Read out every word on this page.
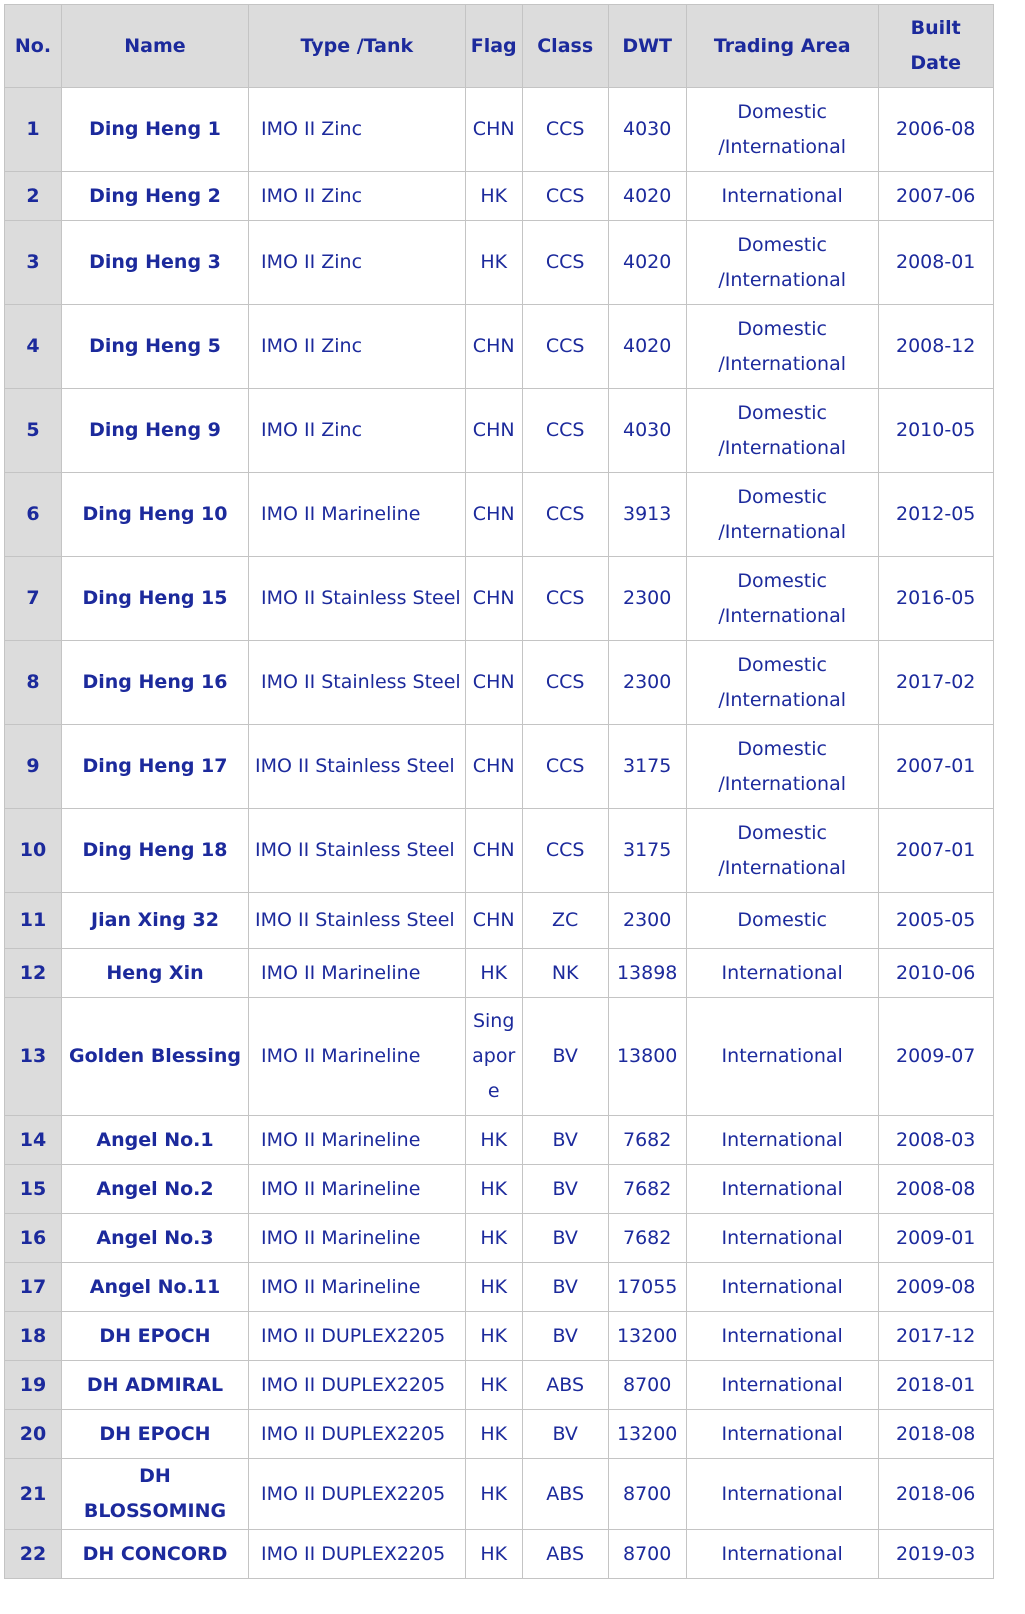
No.	Name	Type /Tank	Flag	Class	DWT	Trading Area	Built Date
1	Ding Heng 1	IMO II Zinc	CHN	CCS	4030	Domestic /International	2006-08
2	Ding Heng 2	IMO II Zinc	HK	CCS	4020	International	2007-06
3	Ding Heng 3	IMO II Zinc	HK	CCS	4020	Domestic /International	2008-01
4	Ding Heng 5	IMO II Zinc	CHN	CCS	4020	Domestic /International	2008-12
5	Ding Heng 9	IMO II Zinc	CHN	CCS	4030	Domestic /International	2010-05
6	Ding Heng 10	IMO II Marineline	CHN	CCS	3913	Domestic /International	2012-05
7	Ding Heng 15	IMO II Stainless Steel	CHN	CCS	2300	Domestic /International	2016-05
8	Ding Heng 16	IMO II Stainless Steel	CHN	CCS	2300	Domestic /International	2017-02
9	Ding Heng 17	IMO II Stainless Steel	CHN	CCS	3175	Domestic /International	2007-01
10	Ding Heng 18	IMO II Stainless Steel	CHN	CCS	3175	Domestic /International	2007-01
11	Jian Xing 32	IMO II Stainless Steel	CHN	ZC	2300	Domestic	2005-05
12	Heng Xin	IMO II Marineline	HK	NK	13898	International	2010-06
13	Golden Blessing	IMO II Marineline	Singapore	BV	13800	International	2009-07
14	Angel No.1	IMO II Marineline	HK	BV	7682	International	2008-03
15	Angel No.2	IMO II Marineline	HK	BV	7682	International	2008-08
16	Angel No.3	IMO II Marineline	HK	BV	7682	International	2009-01
17	Angel No.11	IMO II Marineline	HK	BV	17055	International	2009-08
18	DH EPOCH	IMO II DUPLEX2205	HK	BV	13200	International	2017-12
19	DH ADMIRAL	IMO II DUPLEX2205	HK	ABS	8700	International	2018-01
20	DH EPOCH	IMO II DUPLEX2205	HK	BV	13200	International	2018-08
21	DH BLOSSOMING	IMO II DUPLEX2205	HK	ABS	8700	International	2018-06
22	DH CONCORD	IMO II DUPLEX2205	HK	ABS	8700	International	2019-03
